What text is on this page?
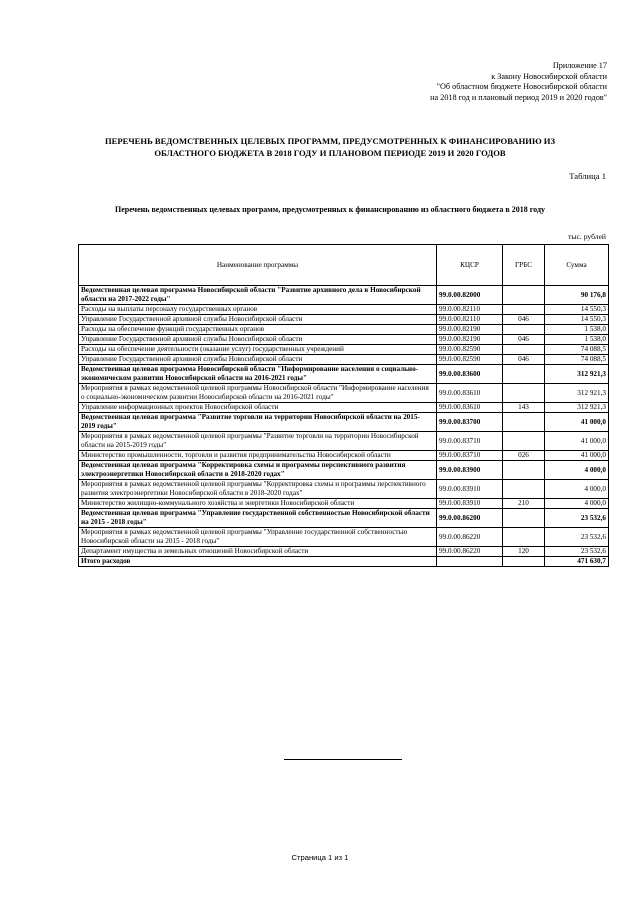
Приложение 17
к Закону Новосибирской области
"Об областном бюджете Новосибирской области
на 2018 год и плановый период 2019 и 2020 годов"
ПЕРЕЧЕНЬ ВЕДОМСТВЕННЫХ ЦЕЛЕВЫХ ПРОГРАММ, ПРЕДУСМОТРЕННЫХ К ФИНАНСИРОВАНИЮ ИЗ
ОБЛАСТНОГО БЮДЖЕТА В 2018 ГОДУ И ПЛАНОВОМ ПЕРИОДЕ 2019 И 2020 ГОДОВ
Таблица 1
Перечень ведомственных целевых программ, предусмотренных к финансированию из областного бюджета в 2018 году
тыс. рублей
Наименование программы	КЦСР	ГРБС	Сумма
Ведомственная целевая программа Новосибирской области "Развитие архивного дела в Новосибирской области на 2017-2022 годы"	99.0.00.82000		90 176,8
Расходы на выплаты персоналу государственных органов	99.0.00.82110		14 550,3
Управление Государственной архивной службы Новосибирской области	99.0.00.82110	046	14 550,3
Расходы на обеспечение функций государственных органов	99.0.00.82190		1 538,0
Управление Государственной архивной службы Новосибирской области	99.0.00.82190	046	1 538,0
Расходы на обеспечение деятельности (оказание услуг) государственных учреждений	99.0.00.82590		74 088,5
Управление Государственной архивной службы Новосибирской области	99.0.00.82590	046	74 088,5
Ведомственная целевая программа Новосибирской области "Информирование населения о социально-экономическом развитии Новосибирской области на 2016-2021 годы"	99.0.00.83600		312 921,3
Мероприятия в рамках ведомственной целевой программы Новосибирской области "Информирование населения о социально-экономическом развитии Новосибирской области на 2016-2021 годы"	99.0.00.83610		312 921,3
Управление информационных проектов Новосибирской области	99.0.00.83610	143	312 921,3
Ведомственная целевая программа "Развитие торговли на территории Новосибирской области на 2015-2019 годы"	99.0.00.83700		41 000,0
Мероприятия в рамках ведомственной целевой программы "Развитие торговли на территории Новосибирской области на 2015-2019 годы"	99.0.00.83710		41 000,0
Министерство промышленности, торговли и развития предпринимательства Новосибирской области	99.0.00.83710	026	41 000,0
Ведомственная целевая программа "Корректировка схемы и программы перспективного развития электроэнергетики Новосибирской области в 2018-2020 годах"	99.0.00.83900		4 000,0
Мероприятия в рамках ведомственной целевой программы "Корректировка схемы и программы перспективного развития электроэнергетики Новосибирской области в 2018-2020 годах"	99.0.00.83910		4 000,0
Министерство жилищно-коммунального хозяйства и энергетики Новосибирской области	99.0.00.83910	210	4 000,0
Ведомственная целевая программа "Управление государственной собственностью Новосибирской области на 2015 - 2018 годы"	99.0.00.86200		23 532,6
Мероприятия в рамках ведомственной целевой программы "Управление государственной собственностью Новосибирской области на 2015 - 2018 годы"	99.0.00.86220		23 532,6
Департамент имущества и земельных отношений Новосибирской области	99.0.00.86220	120	23 532,6
Итого расходов			471 630,7
Страница 1 из 1
